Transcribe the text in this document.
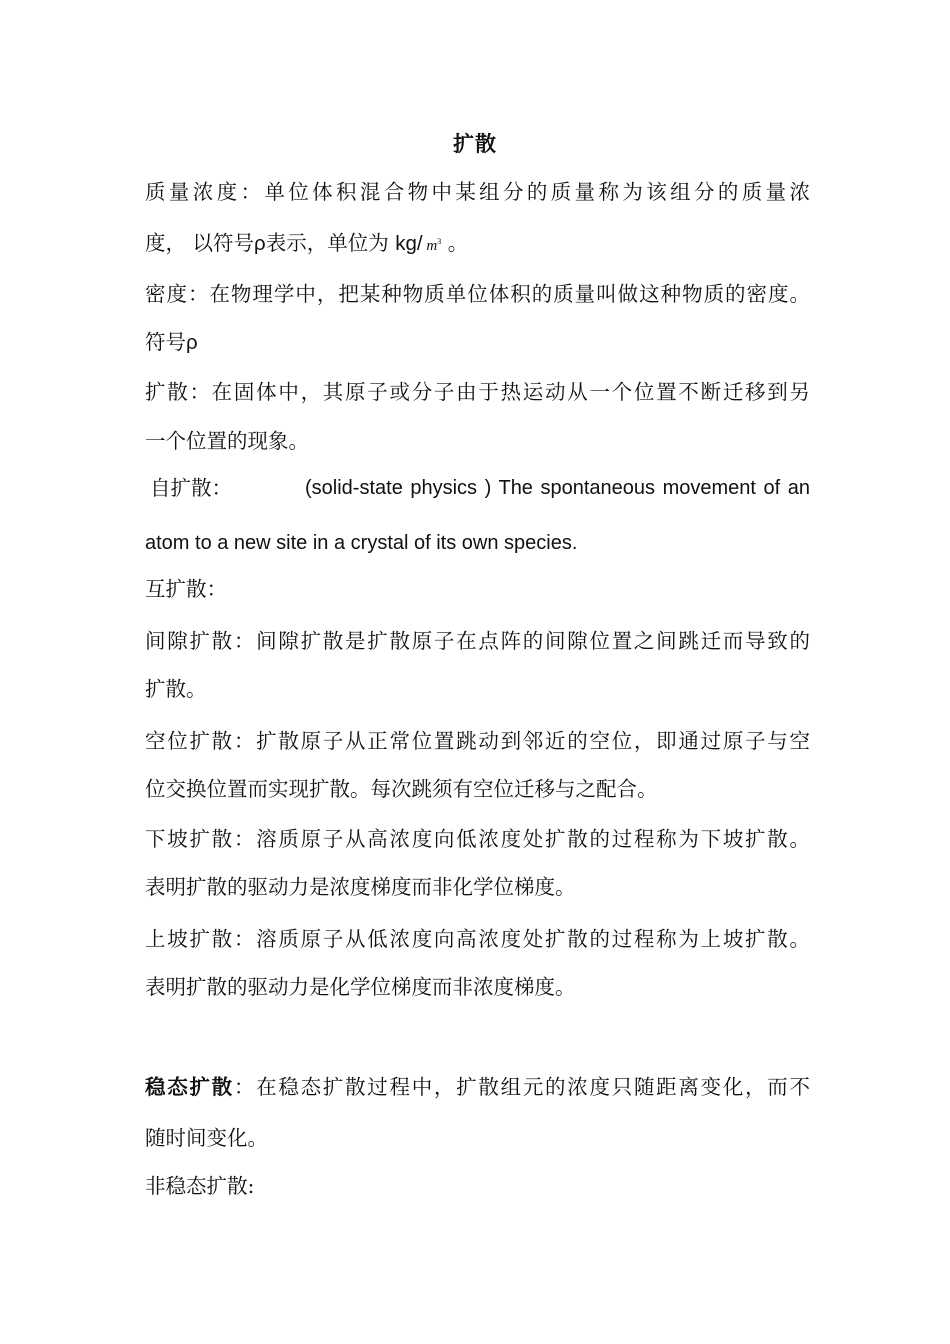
扩散
质量浓度：单位体积混合物中某组分的质量称为该组分的质量浓
度， 以符号ρ表示，单位为 kg/ $m^3$ 。
密度：在物理学中，把某种物质单位体积的质量叫做这种物质的密度。
符号ρ
扩散：在固体中，其原子或分子由于热运动从一个位置不断迁移到另
一个位置的现象。
自扩散：	(solid-state physics ) The spontaneous movement of an
atom to a new site in a crystal of its own species.
互扩散：
间隙扩散：间隙扩散是扩散原子在点阵的间隙位置之间跳迁而导致的
扩散。
空位扩散：扩散原子从正常位置跳动到邻近的空位，即通过原子与空
位交换位置而实现扩散。每次跳须有空位迁移与之配合。
下坡扩散：溶质原子从高浓度向低浓度处扩散的过程称为下坡扩散。
表明扩散的驱动力是浓度梯度而非化学位梯度。
上坡扩散：溶质原子从低浓度向高浓度处扩散的过程称为上坡扩散。
表明扩散的驱动力是化学位梯度而非浓度梯度。
稳态扩散：在稳态扩散过程中，扩散组元的浓度只随距离变化，而不
随时间变化。
非稳态扩散:
